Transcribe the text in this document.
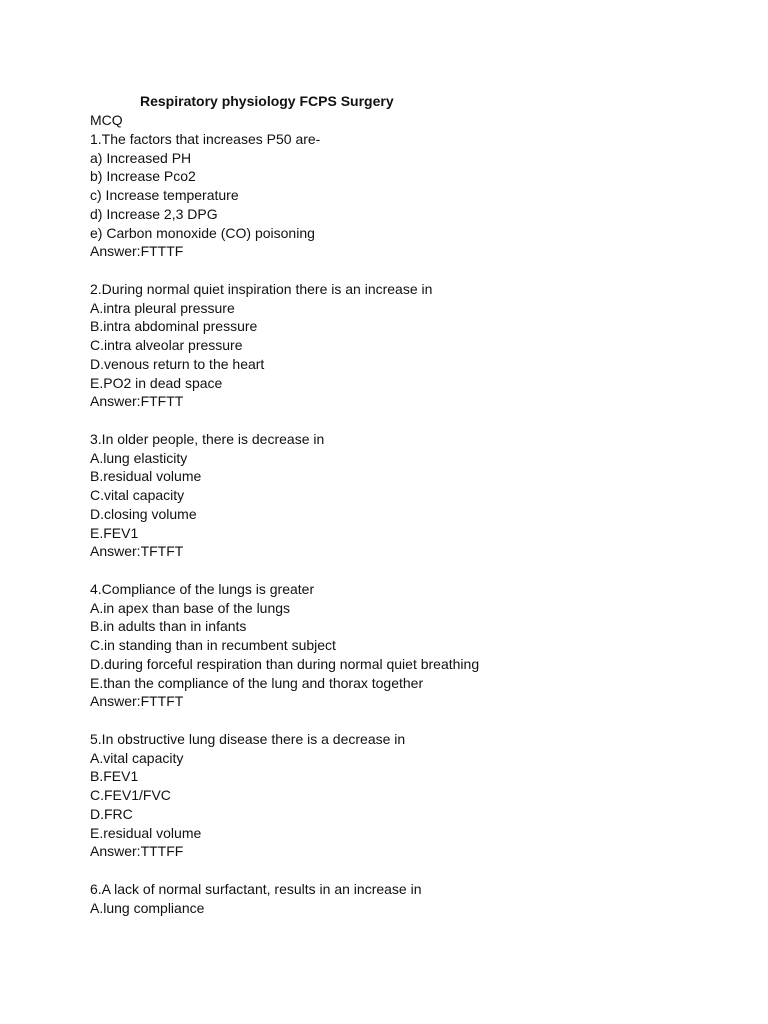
Respiratory physiology FCPS Surgery
MCQ
1.The factors that increases P50 are-
a) Increased PH
b) Increase Pco2
c) Increase temperature
d) Increase 2,3 DPG
e) Carbon monoxide (CO) poisoning
Answer:FTTTF
2.During normal quiet inspiration there is an increase in
A.intra pleural pressure
B.intra abdominal pressure
C.intra alveolar pressure
D.venous return to the heart
E.PO2 in dead space
Answer:FTFTT
3.In older people, there is decrease in
A.lung elasticity
B.residual volume
C.vital capacity
D.closing volume
E.FEV1
Answer:TFTFT
4.Compliance of the lungs is greater
A.in apex than base of the lungs
B.in adults than in infants
C.in standing than in recumbent subject
D.during forceful respiration than during normal quiet breathing
E.than the compliance of the lung and thorax together
Answer:FTTFT
5.In obstructive lung disease there is a decrease in
A.vital capacity
B.FEV1
C.FEV1/FVC
D.FRC
E.residual volume
Answer:TTTFF
6.A lack of normal surfactant, results in an increase in
A.lung compliance
